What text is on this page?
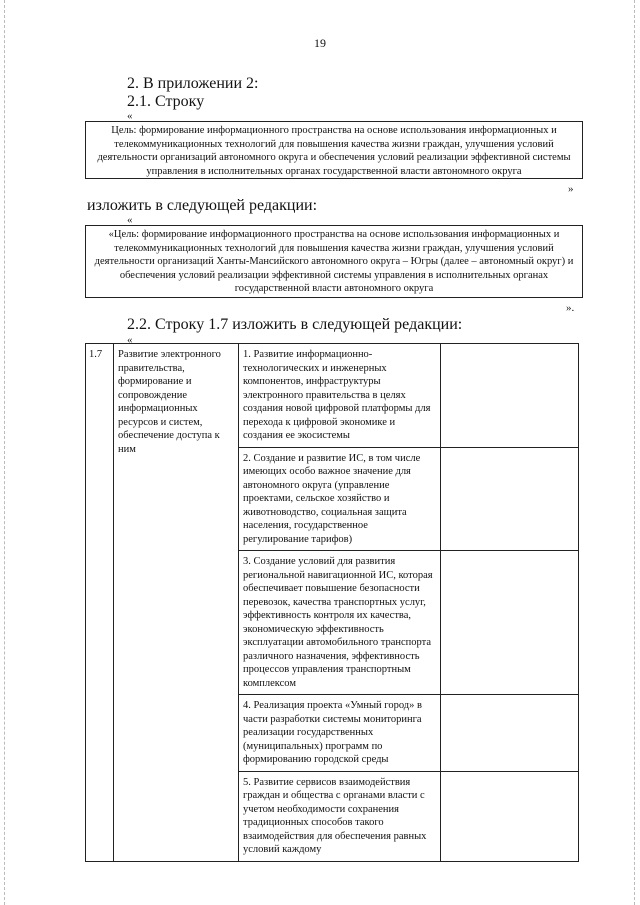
19
2. В приложении 2:
2.1. Строку
«

Цель: формирование информационного пространства на основе использования информационных и телекоммуникационных технологий для повышения качества жизни граждан, улучшения условий деятельности организаций автономного округа и обеспечения условий реализации эффективной системы управления в исполнительных органах государственной власти автономного округа

»
изложить в следующей редакции:
«

«Цель: формирование информационного пространства на основе использования информационных и телекоммуникационных технологий для повышения качества жизни граждан, улучшения условий деятельности организаций Ханты-Мансийского автономного округа – Югры (далее – автономный округ) и обеспечения условий реализации эффективной системы управления в исполнительных органах государственной власти автономного округа

».
2.2. Строку 1.7 изложить в следующей редакции:
«
1.7	Развитие электронного правительства, формирование и сопровождение информационных ресурсов и систем, обеспечение доступа к ним	1. Развитие информационно-технологических и инженерных компонентов, инфраструктуры электронного правительства в целях создания новой цифровой платформы для перехода к цифровой экономике и создания ее экосистемы	
		2. Создание и развитие ИС, в том числе имеющих особо важное значение для автономного округа (управление проектами, сельское хозяйство и животноводство, социальная защита населения, государственное регулирование тарифов)	
		3. Создание условий для развития региональной навигационной ИС, которая обеспечивает повышение безопасности перевозок, качества транспортных услуг, эффективность контроля их качества, экономическую эффективность эксплуатации автомобильного транспорта различного назначения, эффективность процессов управления транспортным комплексом	
		4. Реализация проекта «Умный город» в части разработки системы мониторинга реализации государственных (муниципальных) программ по формированию городской среды	
		5. Развитие сервисов взаимодействия граждан и общества с органами власти с учетом необходимости сохранения традиционных способов такого взаимодействия для обеспечения равных условий каждому	
